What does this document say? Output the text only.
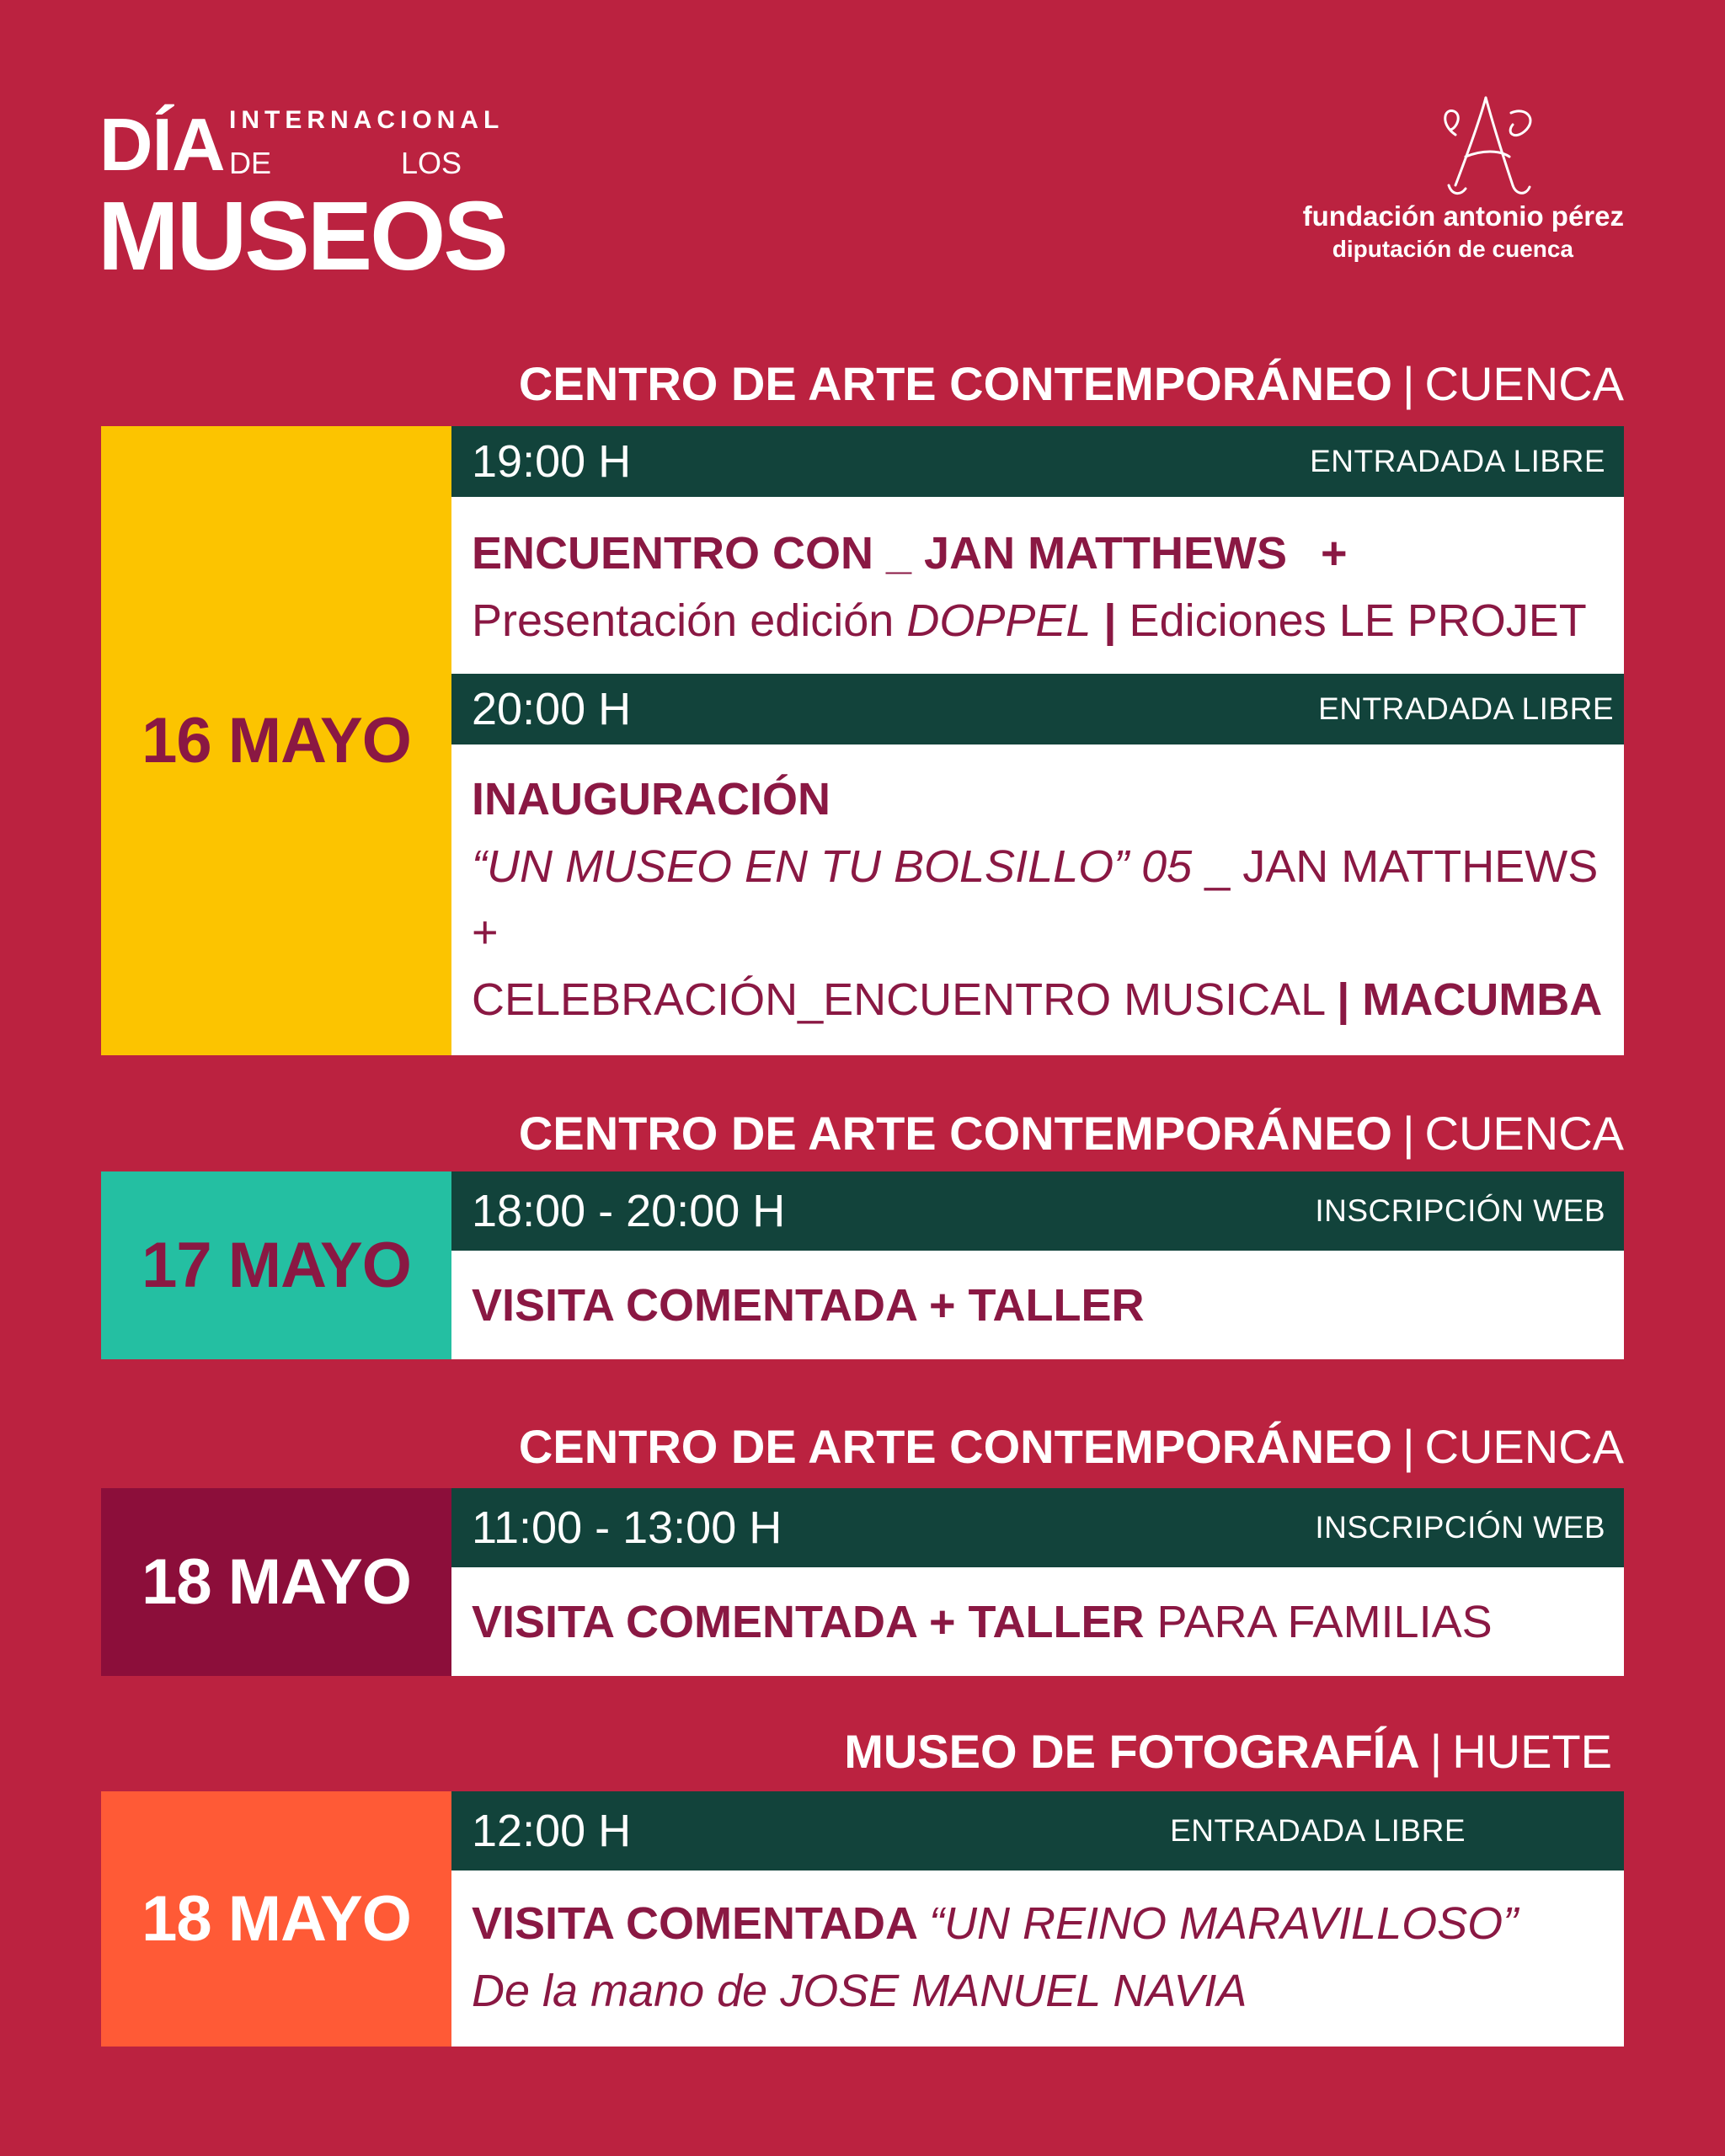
DÍA INTERNACIONAL
DE	LOS
MUSEOS	fundación antonio pérez
diputación de cuenca
CENTRO DE ARTE CONTEMPORÁNEO | CUENCA
16 MAYO
19:00 H	ENTRADADA LIBRE
ENCUENTRO CON _ JAN MATTHEWS +
Presentación edición DOPPEL | Ediciones LE PROJET
20:00 H	ENTRADADA LIBRE
INAUGURACIÓN
“UN MUSEO EN TU BOLSILLO” 05 _ JAN MATTHEWS
+
CELEBRACIÓN_ENCUENTRO MUSICAL | MACUMBA
CENTRO DE ARTE CONTEMPORÁNEO | CUENCA
17 MAYO
18:00 - 20:00 H	INSCRIPCIÓN WEB
VISITA COMENTADA + TALLER
CENTRO DE ARTE CONTEMPORÁNEO | CUENCA
18 MAYO
11:00 - 13:00 H	INSCRIPCIÓN WEB
VISITA COMENTADA + TALLER PARA FAMILIAS
MUSEO DE FOTOGRAFÍA | HUETE
18 MAYO
12:00 H	ENTRADADA LIBRE
VISITA COMENTADA “UN REINO MARAVILLOSO”
De la mano de JOSE MANUEL NAVIA
